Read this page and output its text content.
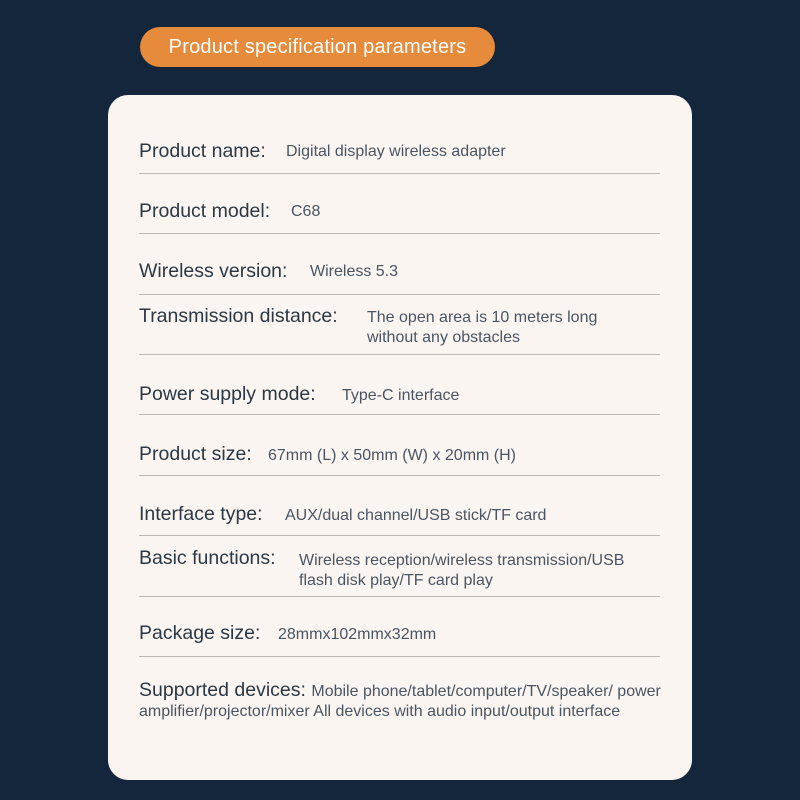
Product specification parameters
Product name: Digital display wireless adapter
Product model: C68
Wireless version: Wireless 5.3
Transmission distance: The open area is 10 meters long without any obstacles
Power supply mode: Type-C interface
Product size: 67mm (L) x 50mm (W) x 20mm (H)
Interface type: AUX/dual channel/USB stick/TF card
Basic functions: Wireless reception/wireless transmission/USB flash disk play/TF card play
Package size: 28mmx102mmx32mm
Supported devices: Mobile phone/tablet/computer/TV/speaker/ power amplifier/projector/mixer All devices with audio input/output interface
